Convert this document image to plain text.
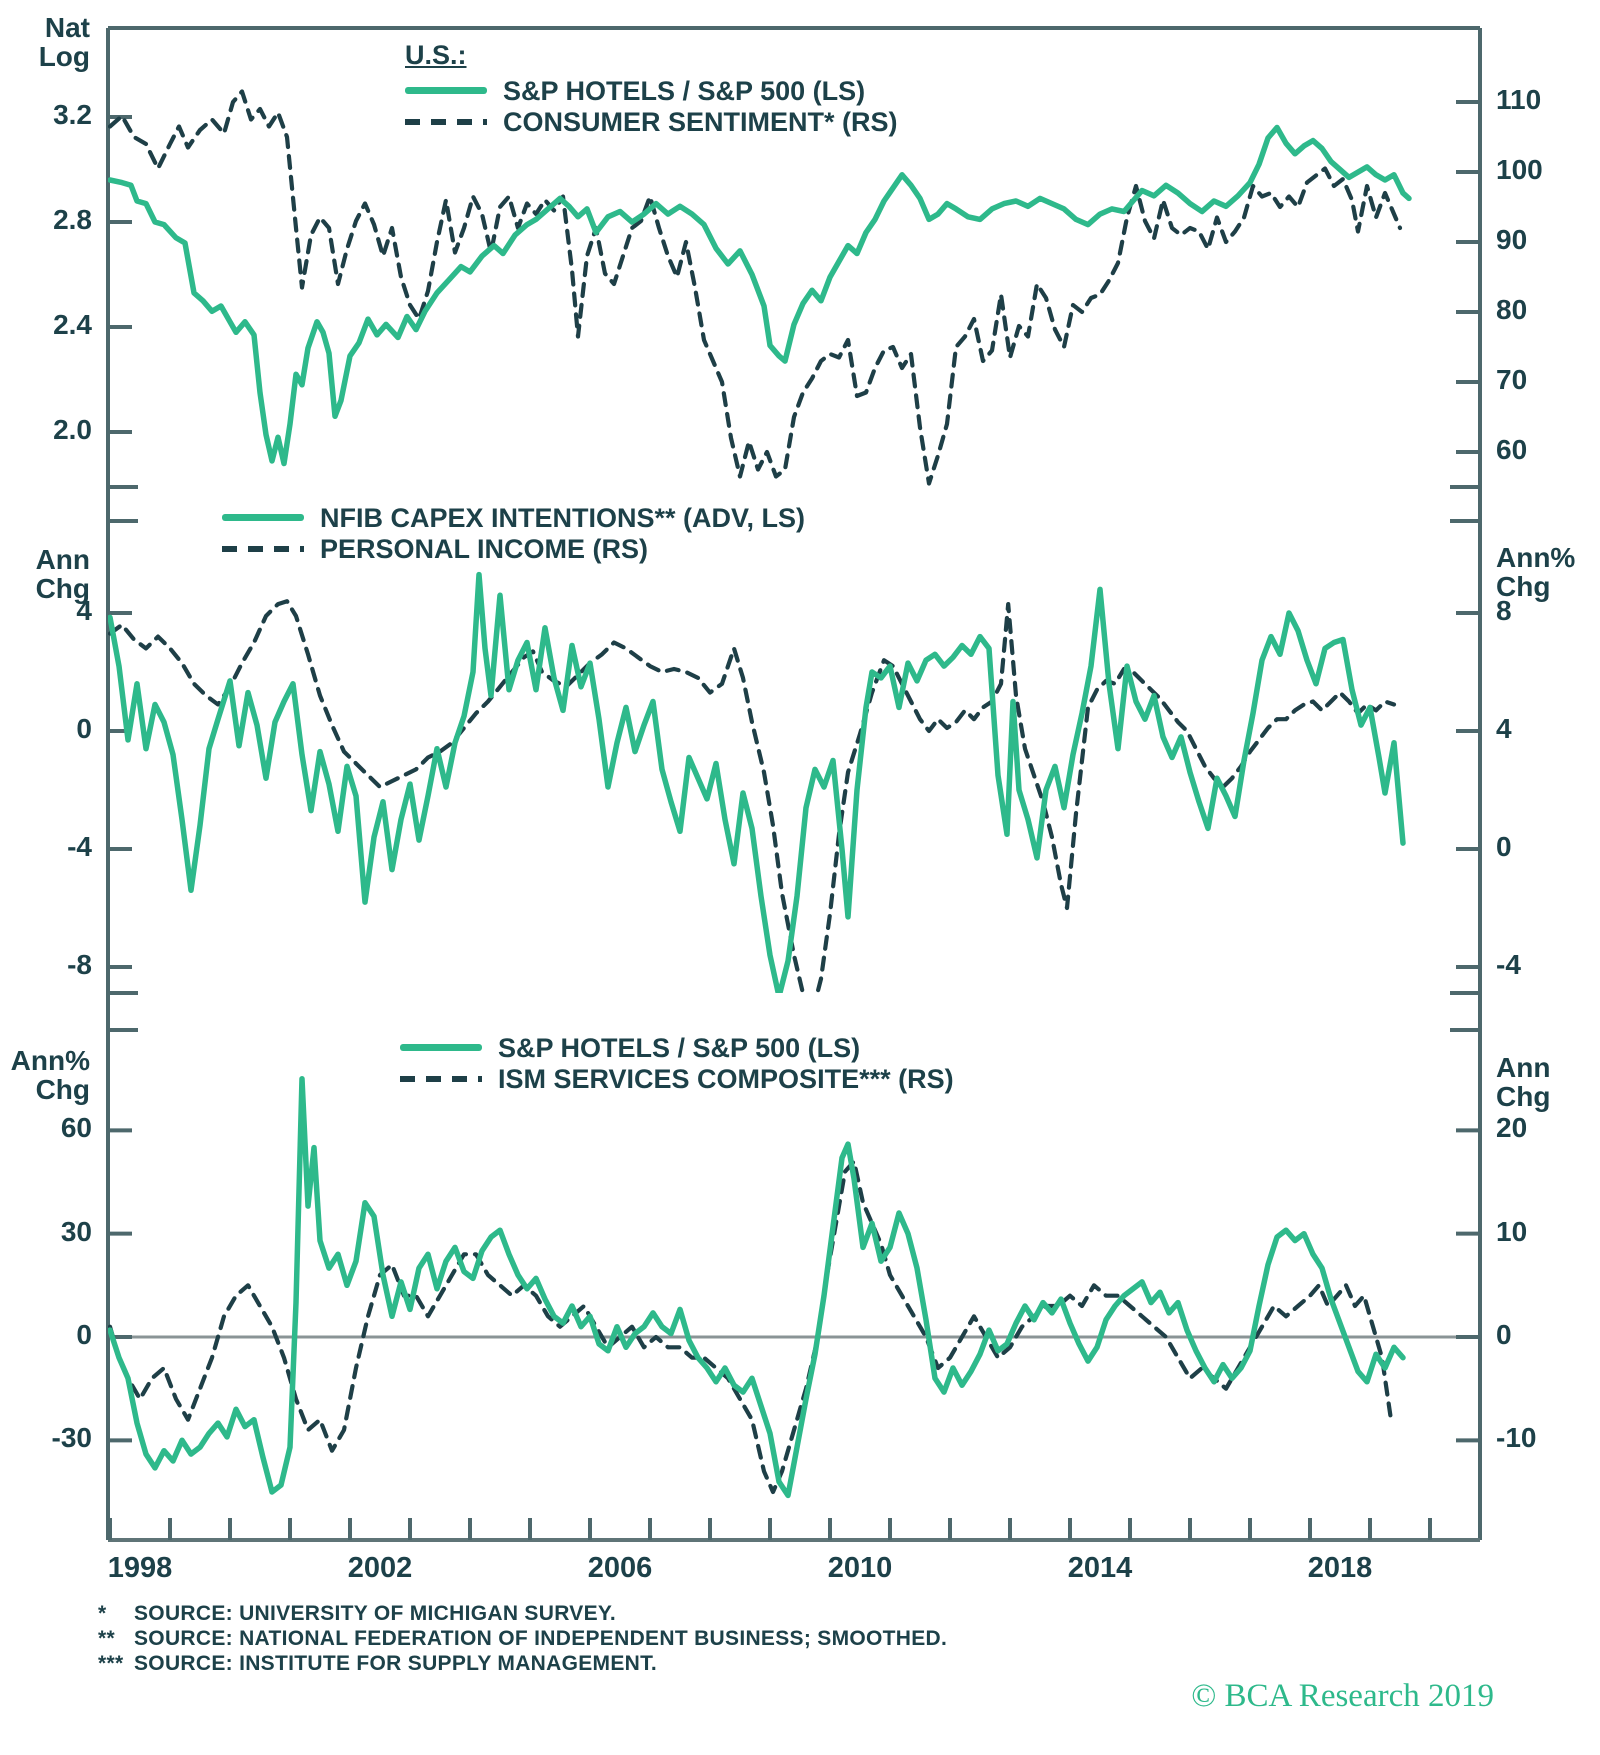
Nat
Log
Ann
Chg
Ann%
Chg
Ann%
Chg
Ann
Chg
U.S.:
S&P HOTELS / S&P 500 (LS)
CONSUMER SENTIMENT* (RS)
NFIB CAPEX INTENTIONS** (ADV, LS)
PERSONAL INCOME (RS)
S&P HOTELS / S&P 500 (LS)
ISM SERVICES COMPOSITE*** (RS)
3.2
2.8
2.4
2.0
110
100
90
80
70
60
4
0
-4
-8
8
4
0
-4
60
30
0
-30
20
10
0
-10
1998	2002	2006	2010	2014	2018
* SOURCE: UNIVERSITY OF MICHIGAN SURVEY.
** SOURCE: NATIONAL FEDERATION OF INDEPENDENT BUSINESS; SMOOTHED.
*** SOURCE: INSTITUTE FOR SUPPLY MANAGEMENT.
© BCA Research 2019
